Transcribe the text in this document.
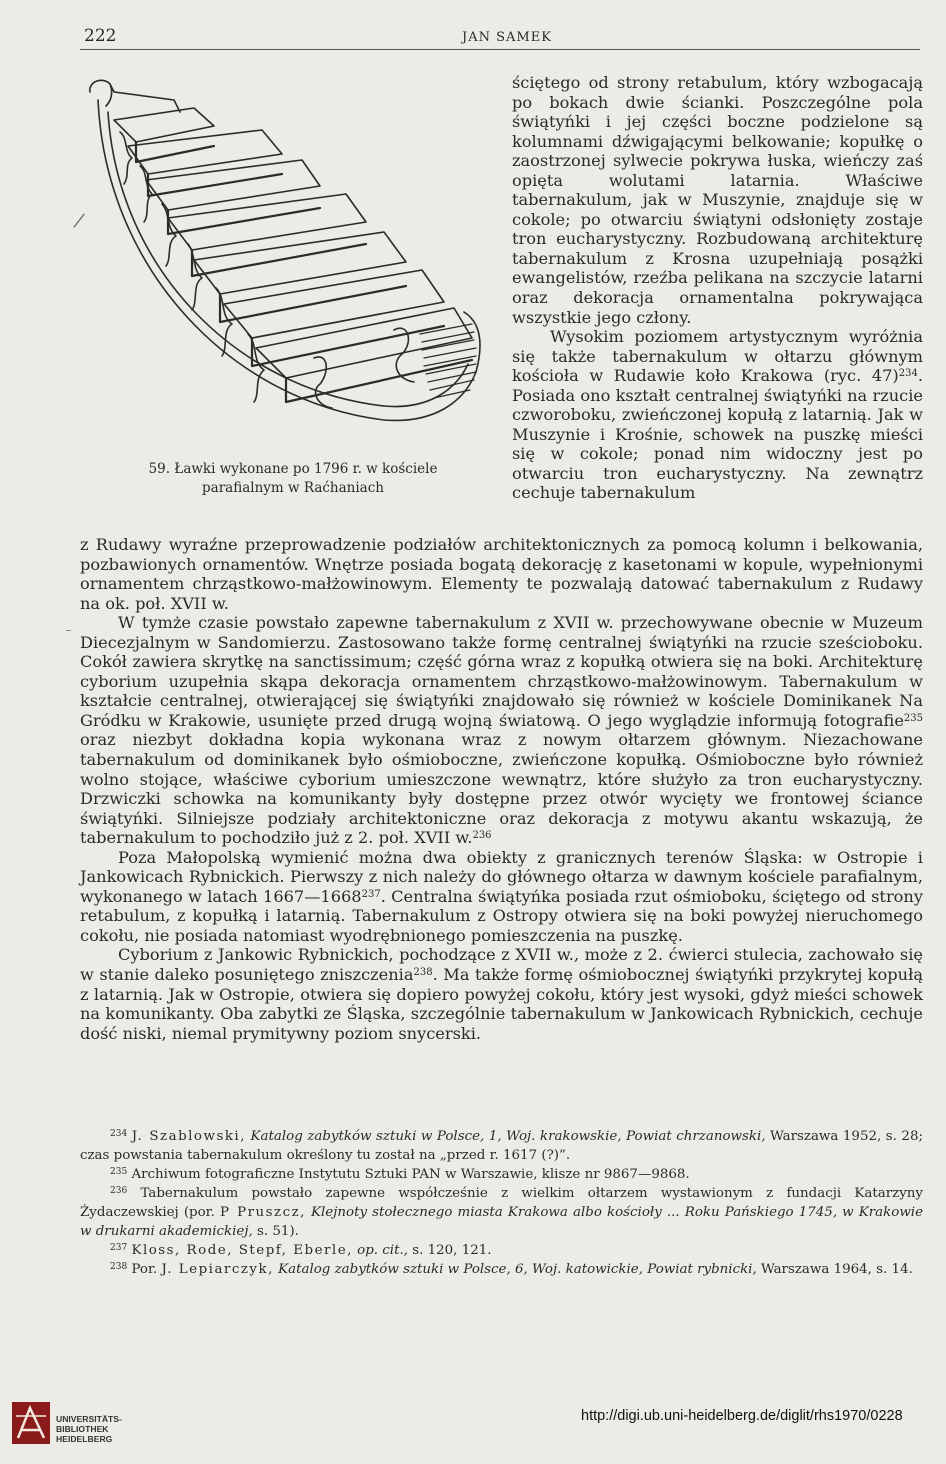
222	JAN SAMEK
/
59. Ławki wykonane po 1796 r. w kościele
parafialnym w Raćhaniach

ściętego od strony retabulum, który wzbogacają po bokach dwie ścianki. Poszczególne pola świątyńki i jej części boczne podzielone są kolumnami dźwigającymi belkowanie; kopułkę o zaostrzonej sylwecie pokrywa łuska, wieńczy zaś opięta wolutami latarnia. Właściwe tabernakulum, jak w Muszynie, znajduje się w cokole; po otwarciu świątyni odsłonięty zostaje tron eucharystyczny. Rozbudowaną architekturę tabernakulum z Krosna uzupełniają posążki ewangelistów, rzeźba pelikana na szczycie latarni oraz dekoracja ornamentalna pokrywająca wszystkie jego człony.

Wysokim poziomem artystycznym wyróżnia się także tabernakulum w ołtarzu głównym kościoła w Rudawie koło Krakowa (ryc. 47)$^{234}$. Posiada ono kształt centralnej świątyńki na rzucie czworoboku, zwieńczonej kopułą z latarnią. Jak w Muszynie i Krośnie, schowek na puszkę mieści się w cokole; ponad nim widoczny jest po otwarciu tron eucharystyczny. Na zewnątrz cechuje tabernakulum

z Rudawy wyraźne przeprowadzenie podziałów architektonicznych za pomocą kolumn i belkowania, pozbawionych ornamentów. Wnętrze posiada bogatą dekorację z kasetonami w kopule, wypełnionymi ornamentem chrząstkowo-małżowinowym. Elementy te pozwalają datować tabernakulum z Rudawy na ok. poł. XVII w.

W tymże czasie powstało zapewne tabernakulum z XVII w. przechowywane obecnie w Muzeum Diecezjalnym w Sandomierzu. Zastosowano także formę centralnej świątyńki na rzucie sześcioboku. Cokół zawiera skrytkę na sanctissimum; część górna wraz z kopułką otwiera się na boki. Architekturę cyborium uzupełnia skąpa dekoracja ornamentem chrząstkowo-małżowinowym. Tabernakulum w kształcie centralnej, otwierającej się świątyńki znajdowało się również w kościele Dominikanek Na Gródku w Krakowie, usunięte przed drugą wojną światową. O jego wyglądzie informują fotografie$^{235}$ oraz niezbyt dokładna kopia wykonana wraz z nowym ołtarzem głównym. Niezachowane tabernakulum od dominikanek było ośmioboczne, zwieńczone kopułką. Ośmioboczne było również wolno stojące, właściwe cyborium umieszczone wewnątrz, które służyło za tron eucharystyczny. Drzwiczki schowka na komunikanty były dostępne przez otwór wycięty we frontowej ściance świątyńki. Silniejsze podziały architektoniczne oraz dekoracja z motywu akantu wskazują, że tabernakulum to pochodziło już z 2. poł. XVII w.$^{236}$

Poza Małopolską wymienić można dwa obiekty z granicznych terenów Śląska: w Ostropie i Jankowicach Rybnickich. Pierwszy z nich należy do głównego ołtarza w dawnym kościele parafialnym, wykonanego w latach 1667—1668$^{237}$. Centralna świątyńka posiada rzut ośmioboku, ściętego od strony retabulum, z kopułką i latarnią. Tabernakulum z Ostropy otwiera się na boki powyżej nieruchomego cokołu, nie posiada natomiast wyodrębnionego pomieszczenia na puszkę.

Cyborium z Jankowic Rybnickich, pochodzące z XVII w., może z 2. ćwierci stulecia, zachowało się w stanie daleko posuniętego zniszczenia$^{238}$. Ma także formę ośmiobocznej świątyńki przykrytej kopułą z latarnią. Jak w Ostropie, otwiera się dopiero powyżej cokołu, który jest wysoki, gdyż mieści schowek na komunikanty. Oba zabytki ze Śląska, szczególnie tabernakulum w Jankowicach Rybnickich, cechuje dość niski, niemal prymitywny poziom snycerski.

$^{234}$ J. Szablowski, Katalog zabytków sztuki w Polsce, 1, Woj. krakowskie, Powiat chrzanowski, Warszawa 1952, s. 28; czas powstania tabernakulum określony tu został na „przed r. 1617 (?)”.

$^{235}$ Archiwum fotograficzne Instytutu Sztuki PAN w Warszawie, klisze nr 9867—9868.

$^{236}$ Tabernakulum powstało zapewne współcześnie z wielkim ołtarzem wystawionym z fundacji Katarzyny Żydaczewskiej (por. P Pruszcz, Klejnoty stołecznego miasta Krakowa albo kościoły ... Roku Pańskiego 1745, w Krakowie w drukarni akademickiej, s. 51).

$^{237}$ Kloss, Rode, Stepf, Eberle, op. cit., s. 120, 121.

$^{238}$ Por. J. Lepiarczyk, Katalog zabytków sztuki w Polsce, 6, Woj. katowickie, Powiat rybnicki, Warszawa 1964, s. 14.

UNIVERSITÄTS-
BIBLIOTHEK
HEIDELBERG
http://digi.ub.uni-heidelberg.de/diglit/rhs1970/0228
